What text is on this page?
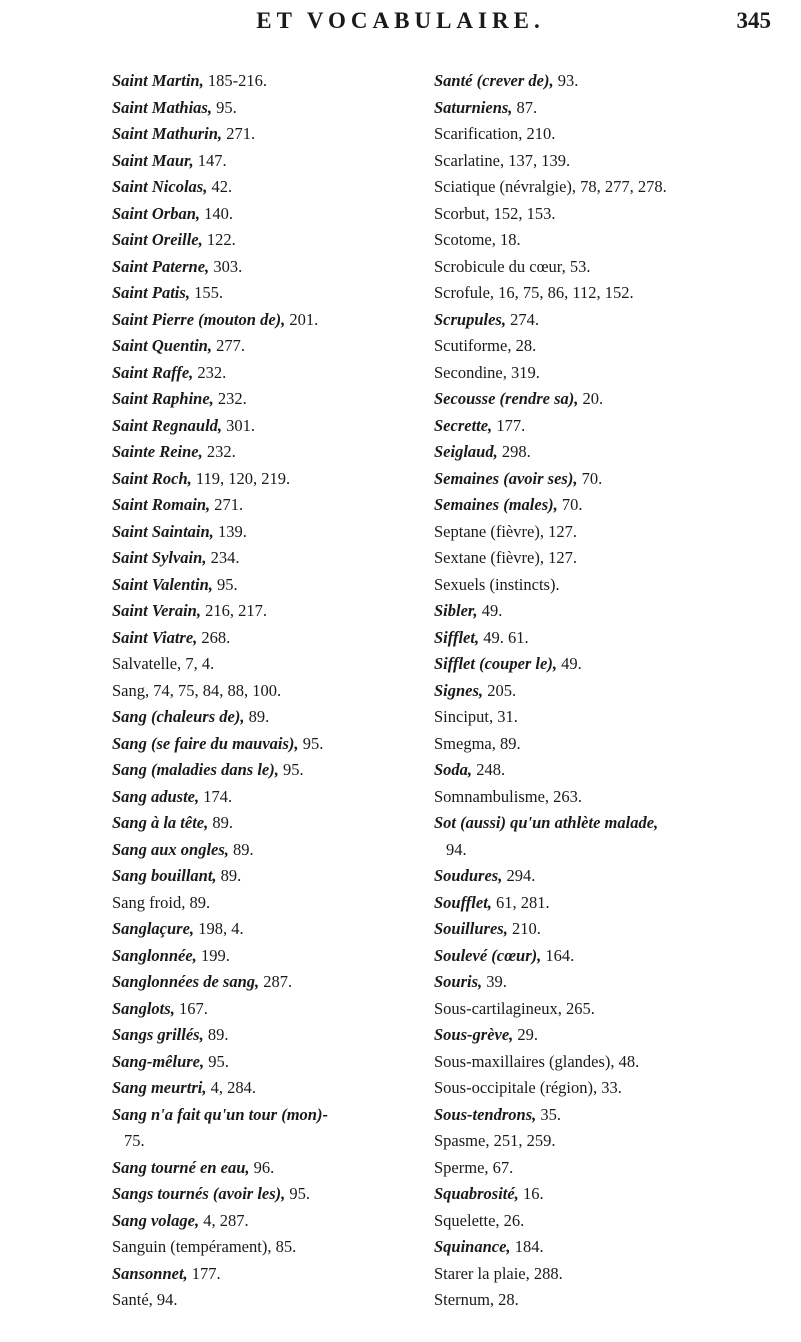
ET VOCABULAIRE.	345
Saint Martin, 185-216.
Saint Mathias, 95.
Saint Mathurin, 271.
Saint Maur, 147.
Saint Nicolas, 42.
Saint Orban, 140.
Saint Oreille, 122.
Saint Paterne, 303.
Saint Patis, 155.
Saint Pierre (mouton de), 201.
Saint Quentin, 277.
Saint Raffe, 232.
Saint Raphine, 232.
Saint Regnauld, 301.
Sainte Reine, 232.
Saint Roch, 119, 120, 219.
Saint Romain, 271.
Saint Saintain, 139.
Saint Sylvain, 234.
Saint Valentin, 95.
Saint Verain, 216, 217.
Saint Viatre, 268.
Salvatelle, 7, 4.
Sang, 74, 75, 84, 88, 100.
Sang (chaleurs de), 89.
Sang (se faire du mauvais), 95.
Sang (maladies dans le), 95.
Sang aduste, 174.
Sang à la tête, 89.
Sang aux ongles, 89.
Sang bouillant, 89.
Sang froid, 89.
Sanglaçure, 198, 4.
Sanglonnée, 199.
Sanglonnées de sang, 287.
Sanglots, 167.
Sangs grillés, 89.
Sang-mêlure, 95.
Sang meurtri, 4, 284.
Sang n'a fait qu'un tour (mon)-
75.
Sang tourné en eau, 96.
Sangs tournés (avoir les), 95.
Sang volage, 4, 287.
Sanguin (tempérament), 85.
Sansonnet, 177.
Santé, 94.
Santé (crever de), 93.
Saturniens, 87.
Scarification, 210.
Scarlatine, 137, 139.
Sciatique (névralgie), 78, 277, 278.
Scorbut, 152, 153.
Scotome, 18.
Scrobicule du cœur, 53.
Scrofule, 16, 75, 86, 112, 152.
Scrupules, 274.
Scutiforme, 28.
Secondine, 319.
Secousse (rendre sa), 20.
Secrette, 177.
Seiglaud, 298.
Semaines (avoir ses), 70.
Semaines (males), 70.
Septane (fièvre), 127.
Sextane (fièvre), 127.
Sexuels (instincts).
Sibler, 49.
Sifflet, 49. 61.
Sifflet (couper le), 49.
Signes, 205.
Sinciput, 31.
Smegma, 89.
Soda, 248.
Somnambulisme, 263.
Sot (aussi) qu'un athlète malade,
94.
Soudures, 294.
Soufflet, 61, 281.
Souillures, 210.
Soulevé (cœur), 164.
Souris, 39.
Sous-cartilagineux, 265.
Sous-grève, 29.
Sous-maxillaires (glandes), 48.
Sous-occipitale (région), 33.
Sous-tendrons, 35.
Spasme, 251, 259.
Sperme, 67.
Squabrosité, 16.
Squelette, 26.
Squinance, 184.
Starer la plaie, 288.
Sternum, 28.
